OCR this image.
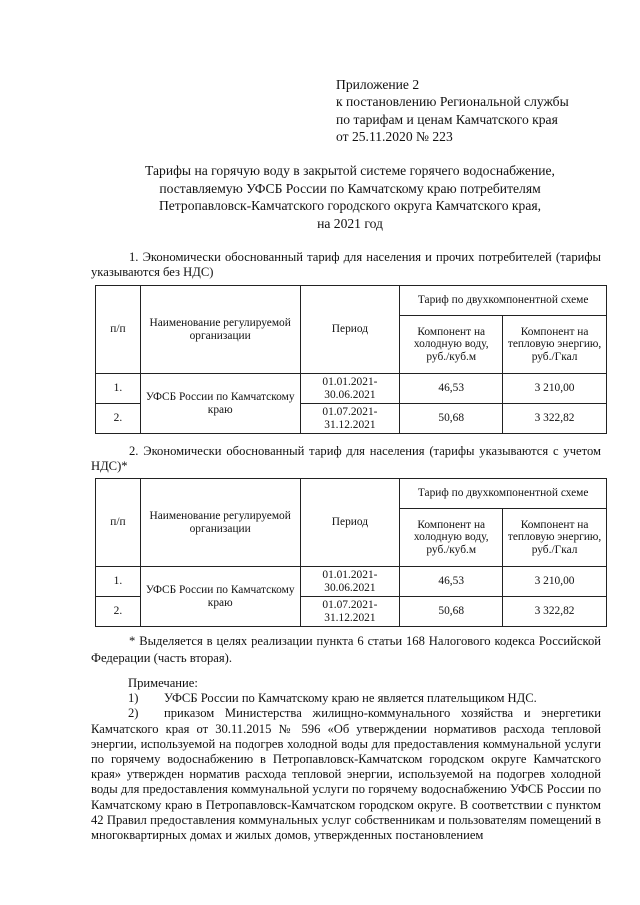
Приложение 2
к постановлению Региональной службы
по тарифам и ценам Камчатского края
от 25.11.2020 № 223
Тарифы на горячую воду в закрытой системе горячего водоснабжение,
поставляемую УФСБ России по Камчатскому краю потребителям
Петропавловск-Камчатского городского округа Камчатского края,
на 2021 год
1. Экономически обоснованный тариф для населения и прочих потребителей (тарифы указываются без НДС)
п/п	Наименование регулируемой организации	Период	Тариф по двухкомпонентной схеме	
			Компонент на холодную воду, руб./куб.м	Компонент на тепловую энергию, руб./Гкал
1.	УФСБ России по Камчатскому краю	01.01.2021-30.06.2021	46,53	3 210,00
2.		01.07.2021-31.12.2021	50,68	3 322,82
2. Экономически обоснованный тариф для населения (тарифы указываются с учетом НДС)*
п/п	Наименование регулируемой организации	Период	Тариф по двухкомпонентной схеме	
			Компонент на холодную воду, руб./куб.м	Компонент на тепловую энергию, руб./Гкал
1.	УФСБ России по Камчатскому краю	01.01.2021-30.06.2021	46,53	3 210,00
2.		01.07.2021-31.12.2021	50,68	3 322,82
* Выделяется в целях реализации пункта 6 статьи 168 Налогового кодекса Российской Федерации (часть вторая).
Примечание:
1) УФСБ России по Камчатскому краю не является плательщиком НДС.
2) приказом Министерства жилищно-коммунального хозяйства и энергетики Камчатского края от 30.11.2015 № 596 «Об утверждении нормативов расхода тепловой энергии, используемой на подогрев холодной воды для предоставления коммунальной услуги по горячему водоснабжению в Петропавловск-Камчатском городском округе Камчатского края» утвержден норматив расхода тепловой энергии, используемой на подогрев холодной воды для предоставления коммунальной услуги по горячему водоснабжению УФСБ России по Камчатскому краю в Петропавловск-Камчатском городском округе. В соответствии с пунктом 42 Правил предоставления коммунальных услуг собственникам и пользователям помещений в многоквартирных домах и жилых домов, утвержденных постановлением
